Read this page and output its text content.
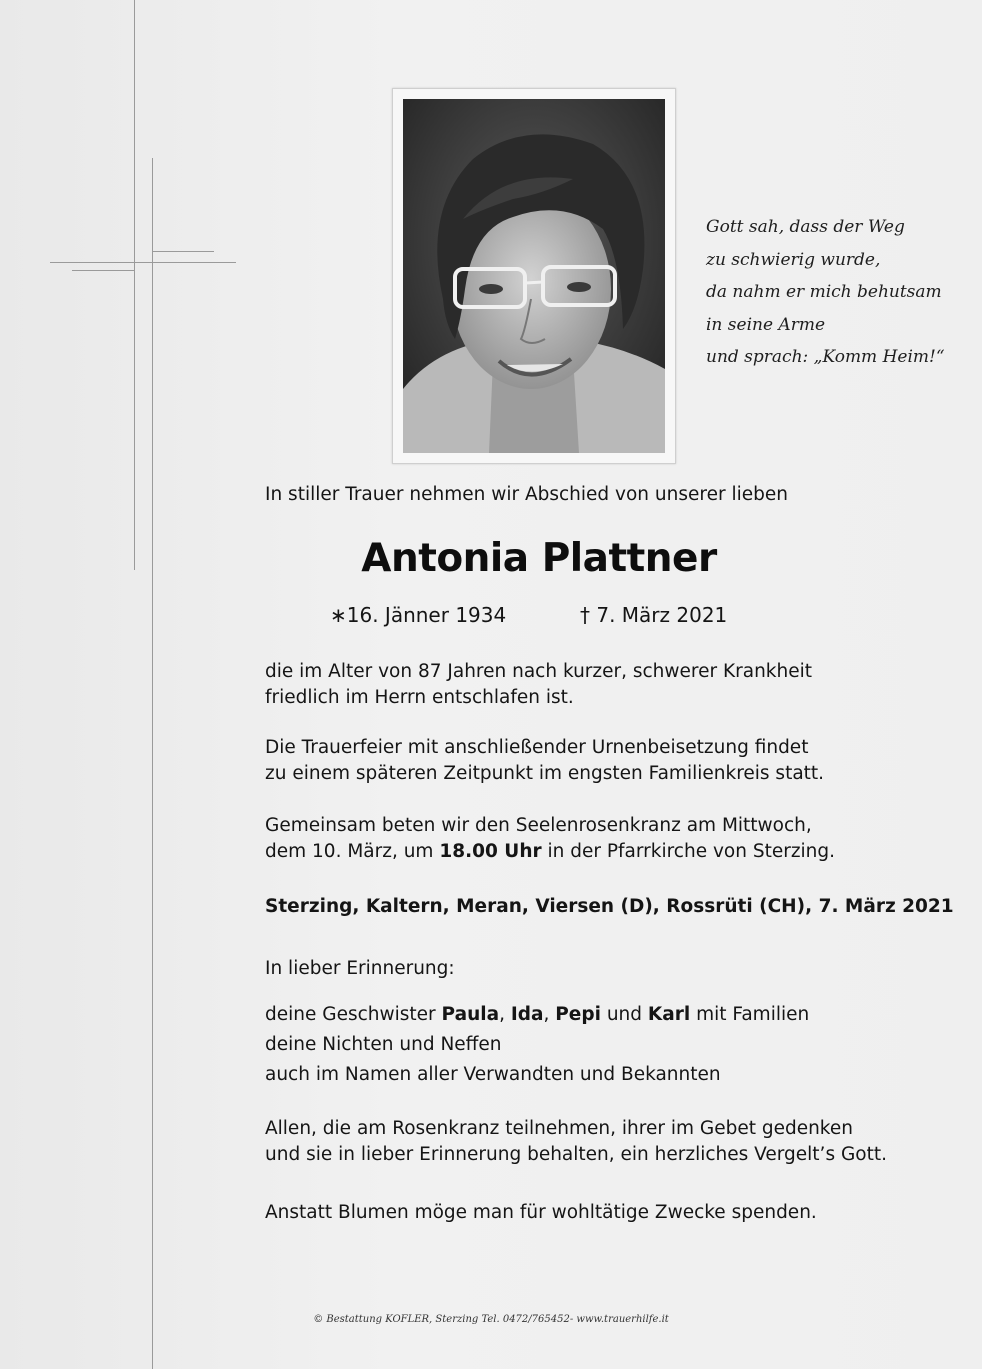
Gott sah, dass der Weg
zu schwierig wurde,
da nahm er mich behutsam
in seine Arme
und sprach: „Komm Heim!“
In stiller Trauer nehmen wir Abschied von unserer lieben
Antonia Plattner
∗16. Jänner 1934	† 7. März 2021
die im Alter von 87 Jahren nach kurzer, schwerer Krankheit
friedlich im Herrn entschlafen ist.
Die Trauerfeier mit anschließender Urnenbeisetzung findet
zu einem späteren Zeitpunkt im engsten Familienkreis statt.
Gemeinsam beten wir den Seelenrosenkranz am Mittwoch,
dem 10. März, um 18.00 Uhr in der Pfarrkirche von Sterzing.
Sterzing, Kaltern, Meran, Viersen (D), Rossrüti (CH), 7. März 2021
In lieber Erinnerung:
deine Geschwister Paula, Ida, Pepi und Karl mit Familien
deine Nichten und Neffen
auch im Namen aller Verwandten und Bekannten
Allen, die am Rosenkranz teilnehmen, ihrer im Gebet gedenken
und sie in lieber Erinnerung behalten, ein herzliches Vergelt’s Gott.
Anstatt Blumen möge man für wohltätige Zwecke spenden.
© Bestattung KOFLER, Sterzing Tel. 0472/765452- www.trauerhilfe.it
